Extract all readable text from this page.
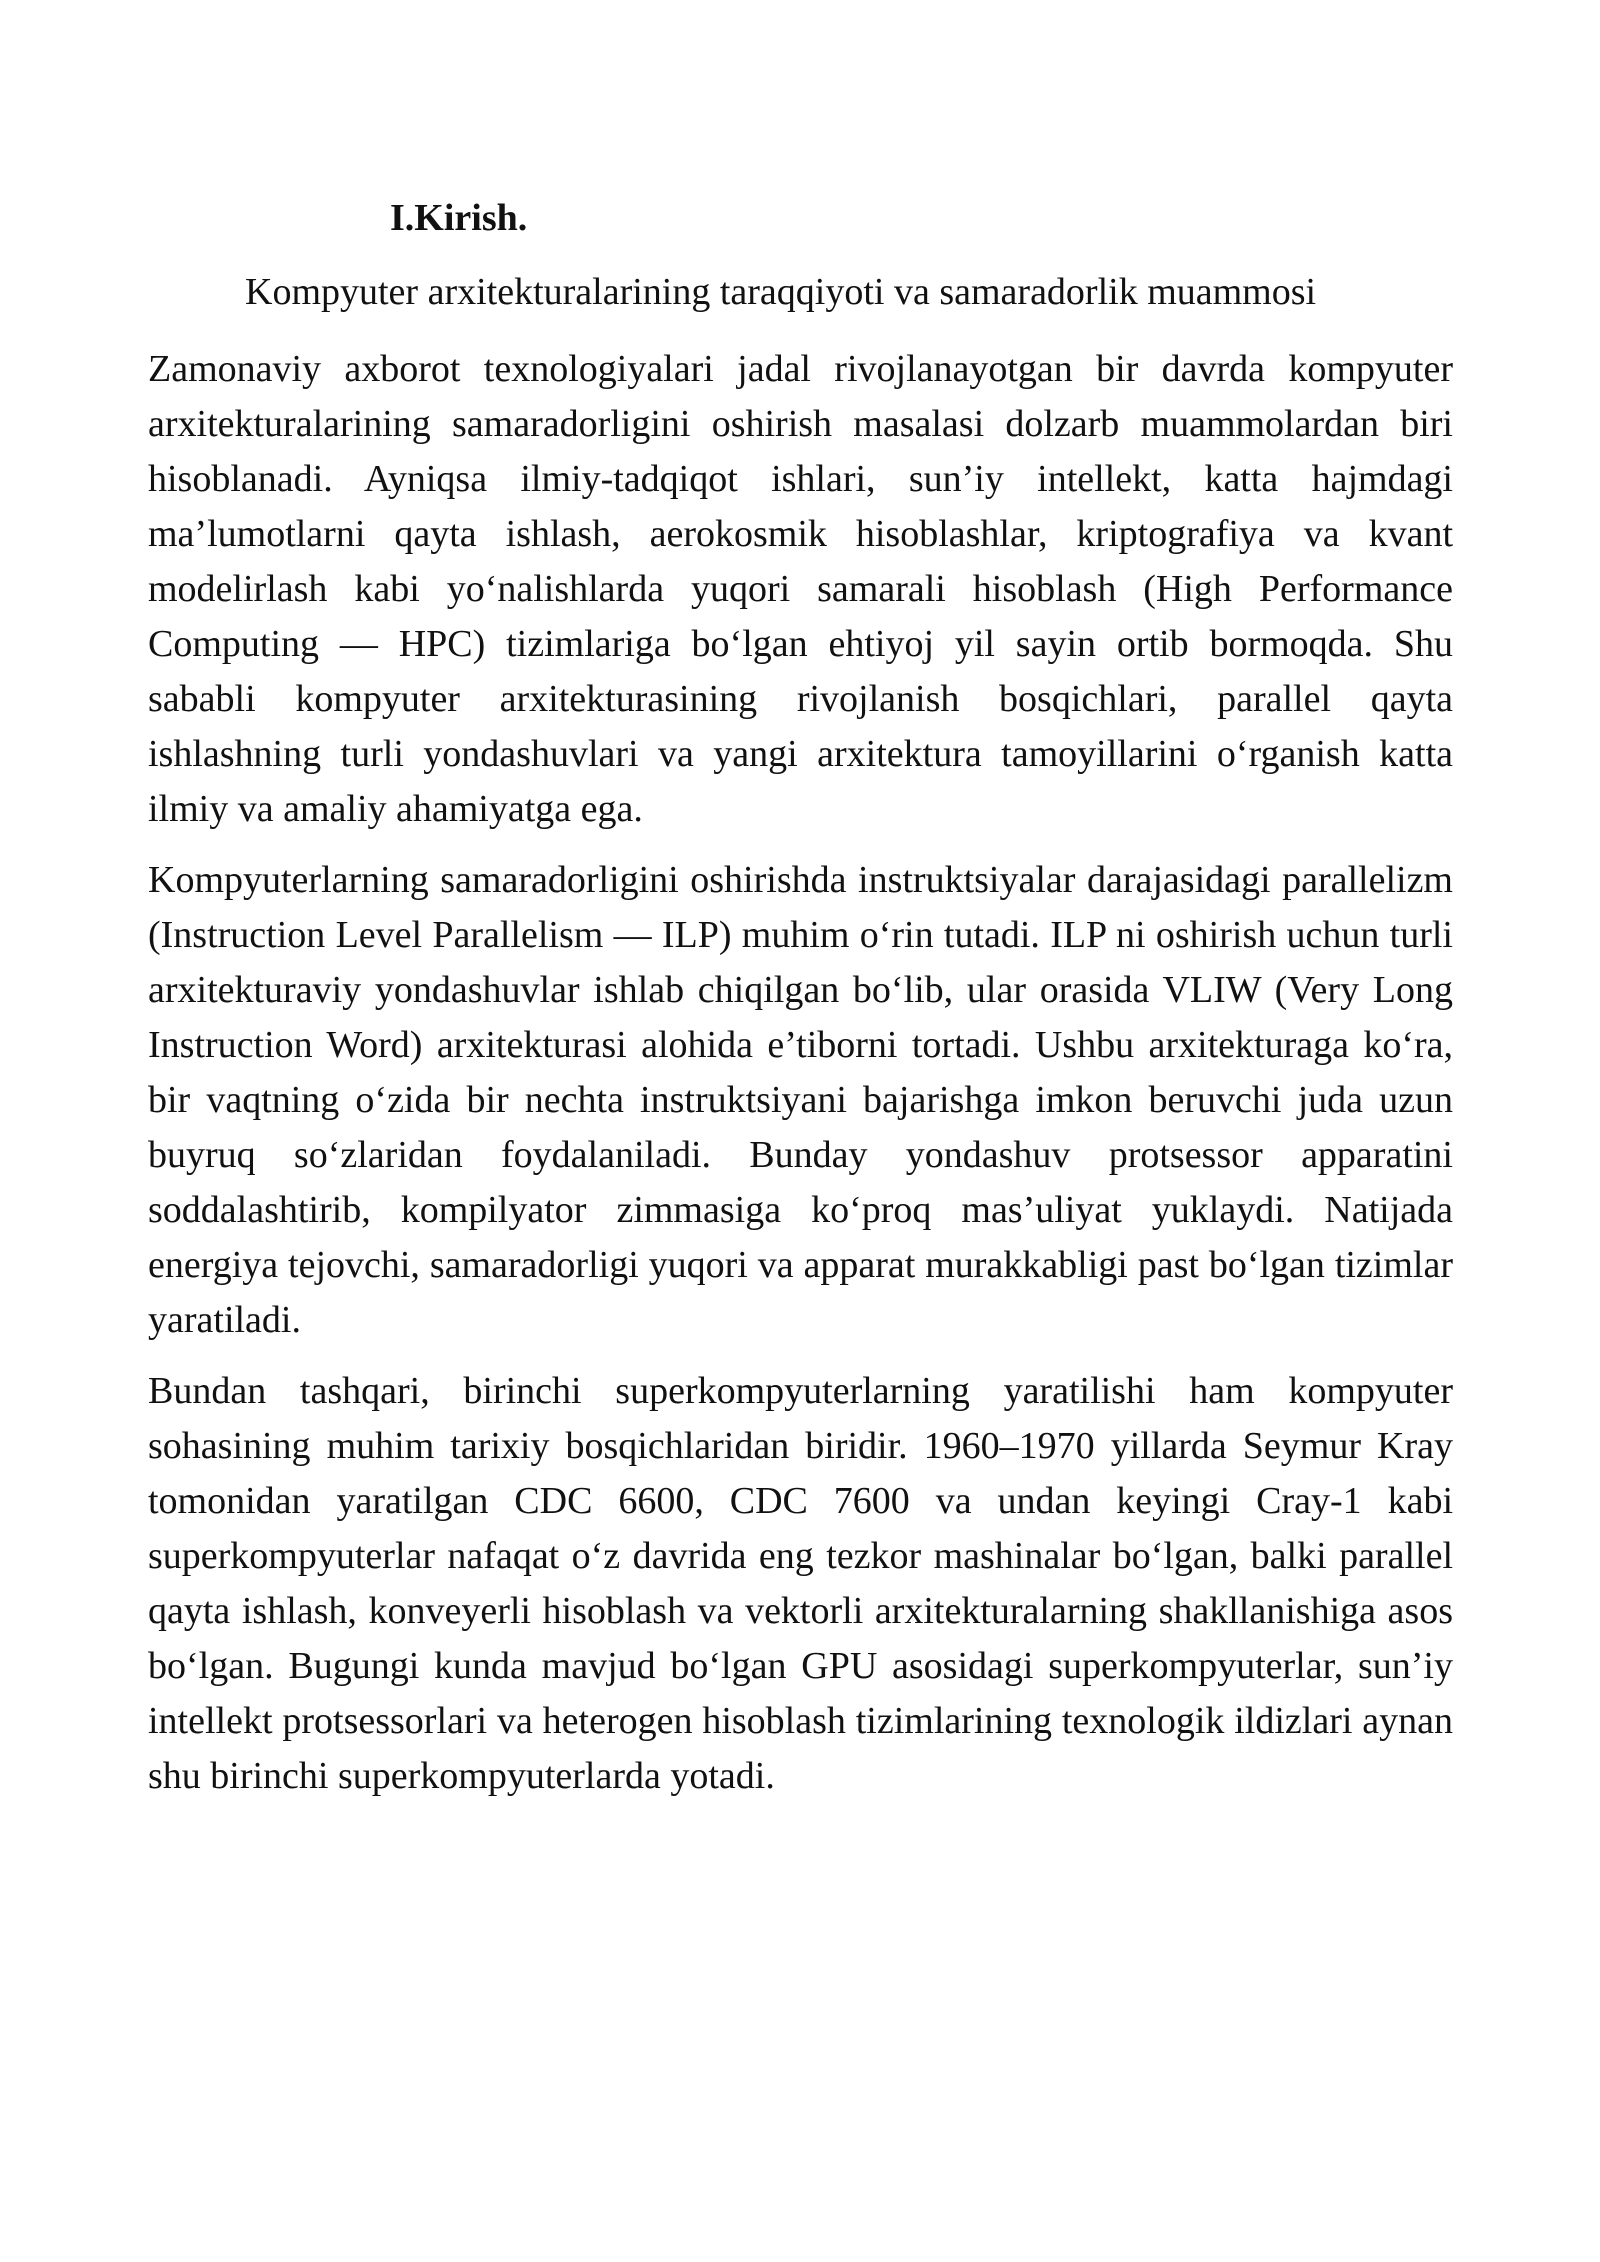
I.Kirish.

Kompyuter arxitekturalarining taraqqiyoti va samaradorlik muammosi

Zamonaviy axborot texnologiyalari jadal rivojlanayotgan bir davrda kompyuter arxitekturalarining samaradorligini oshirish masalasi dolzarb muammolardan biri hisoblanadi. Ayniqsa ilmiy-tadqiqot ishlari, sun’iy intellekt, katta hajmdagi ma’lumotlarni qayta ishlash, aerokosmik hisoblashlar, kriptografiya va kvant modelirlash kabi yo‘nalishlarda yuqori samarali hisoblash (High Performance Computing — HPC) tizimlariga bo‘lgan ehtiyoj yil sayin ortib bormoqda. Shu sababli kompyuter arxitekturasining rivojlanish bosqichlari, parallel qayta ishlashning turli yondashuvlari va yangi arxitektura tamoyillarini o‘rganish katta ilmiy va amaliy ahamiyatga ega.

Kompyuterlarning samaradorligini oshirishda instruktsiyalar darajasidagi parallelizm (Instruction Level Parallelism — ILP) muhim o‘rin tutadi. ILP ni oshirish uchun turli arxitekturaviy yondashuvlar ishlab chiqilgan bo‘lib, ular orasida VLIW (Very Long Instruction Word) arxitekturasi alohida e’tiborni tortadi. Ushbu arxitekturaga ko‘ra, bir vaqtning o‘zida bir nechta instruktsiyani bajarishga imkon beruvchi juda uzun buyruq so‘zlaridan foydalaniladi. Bunday yondashuv protsessor apparatini soddalashtirib, kompilyator zimmasiga ko‘proq mas’uliyat yuklaydi. Natijada energiya tejovchi, samaradorligi yuqori va apparat murakkabligi past bo‘lgan tizimlar yaratiladi.

Bundan tashqari, birinchi superkompyuterlarning yaratilishi ham kompyuter sohasining muhim tarixiy bosqichlaridan biridir. 1960–1970 yillarda Seymur Kray tomonidan yaratilgan CDC 6600, CDC 7600 va undan keyingi Cray-1 kabi superkompyuterlar nafaqat o‘z davrida eng tezkor mashinalar bo‘lgan, balki parallel qayta ishlash, konveyerli hisoblash va vektorli arxitekturalarning shakllanishiga asos bo‘lgan. Bugungi kunda mavjud bo‘lgan GPU asosidagi superkompyuterlar, sun’iy intellekt protsessorlari va heterogen hisoblash tizimlarining texnologik ildizlari aynan shu birinchi superkompyuterlarda yotadi.
